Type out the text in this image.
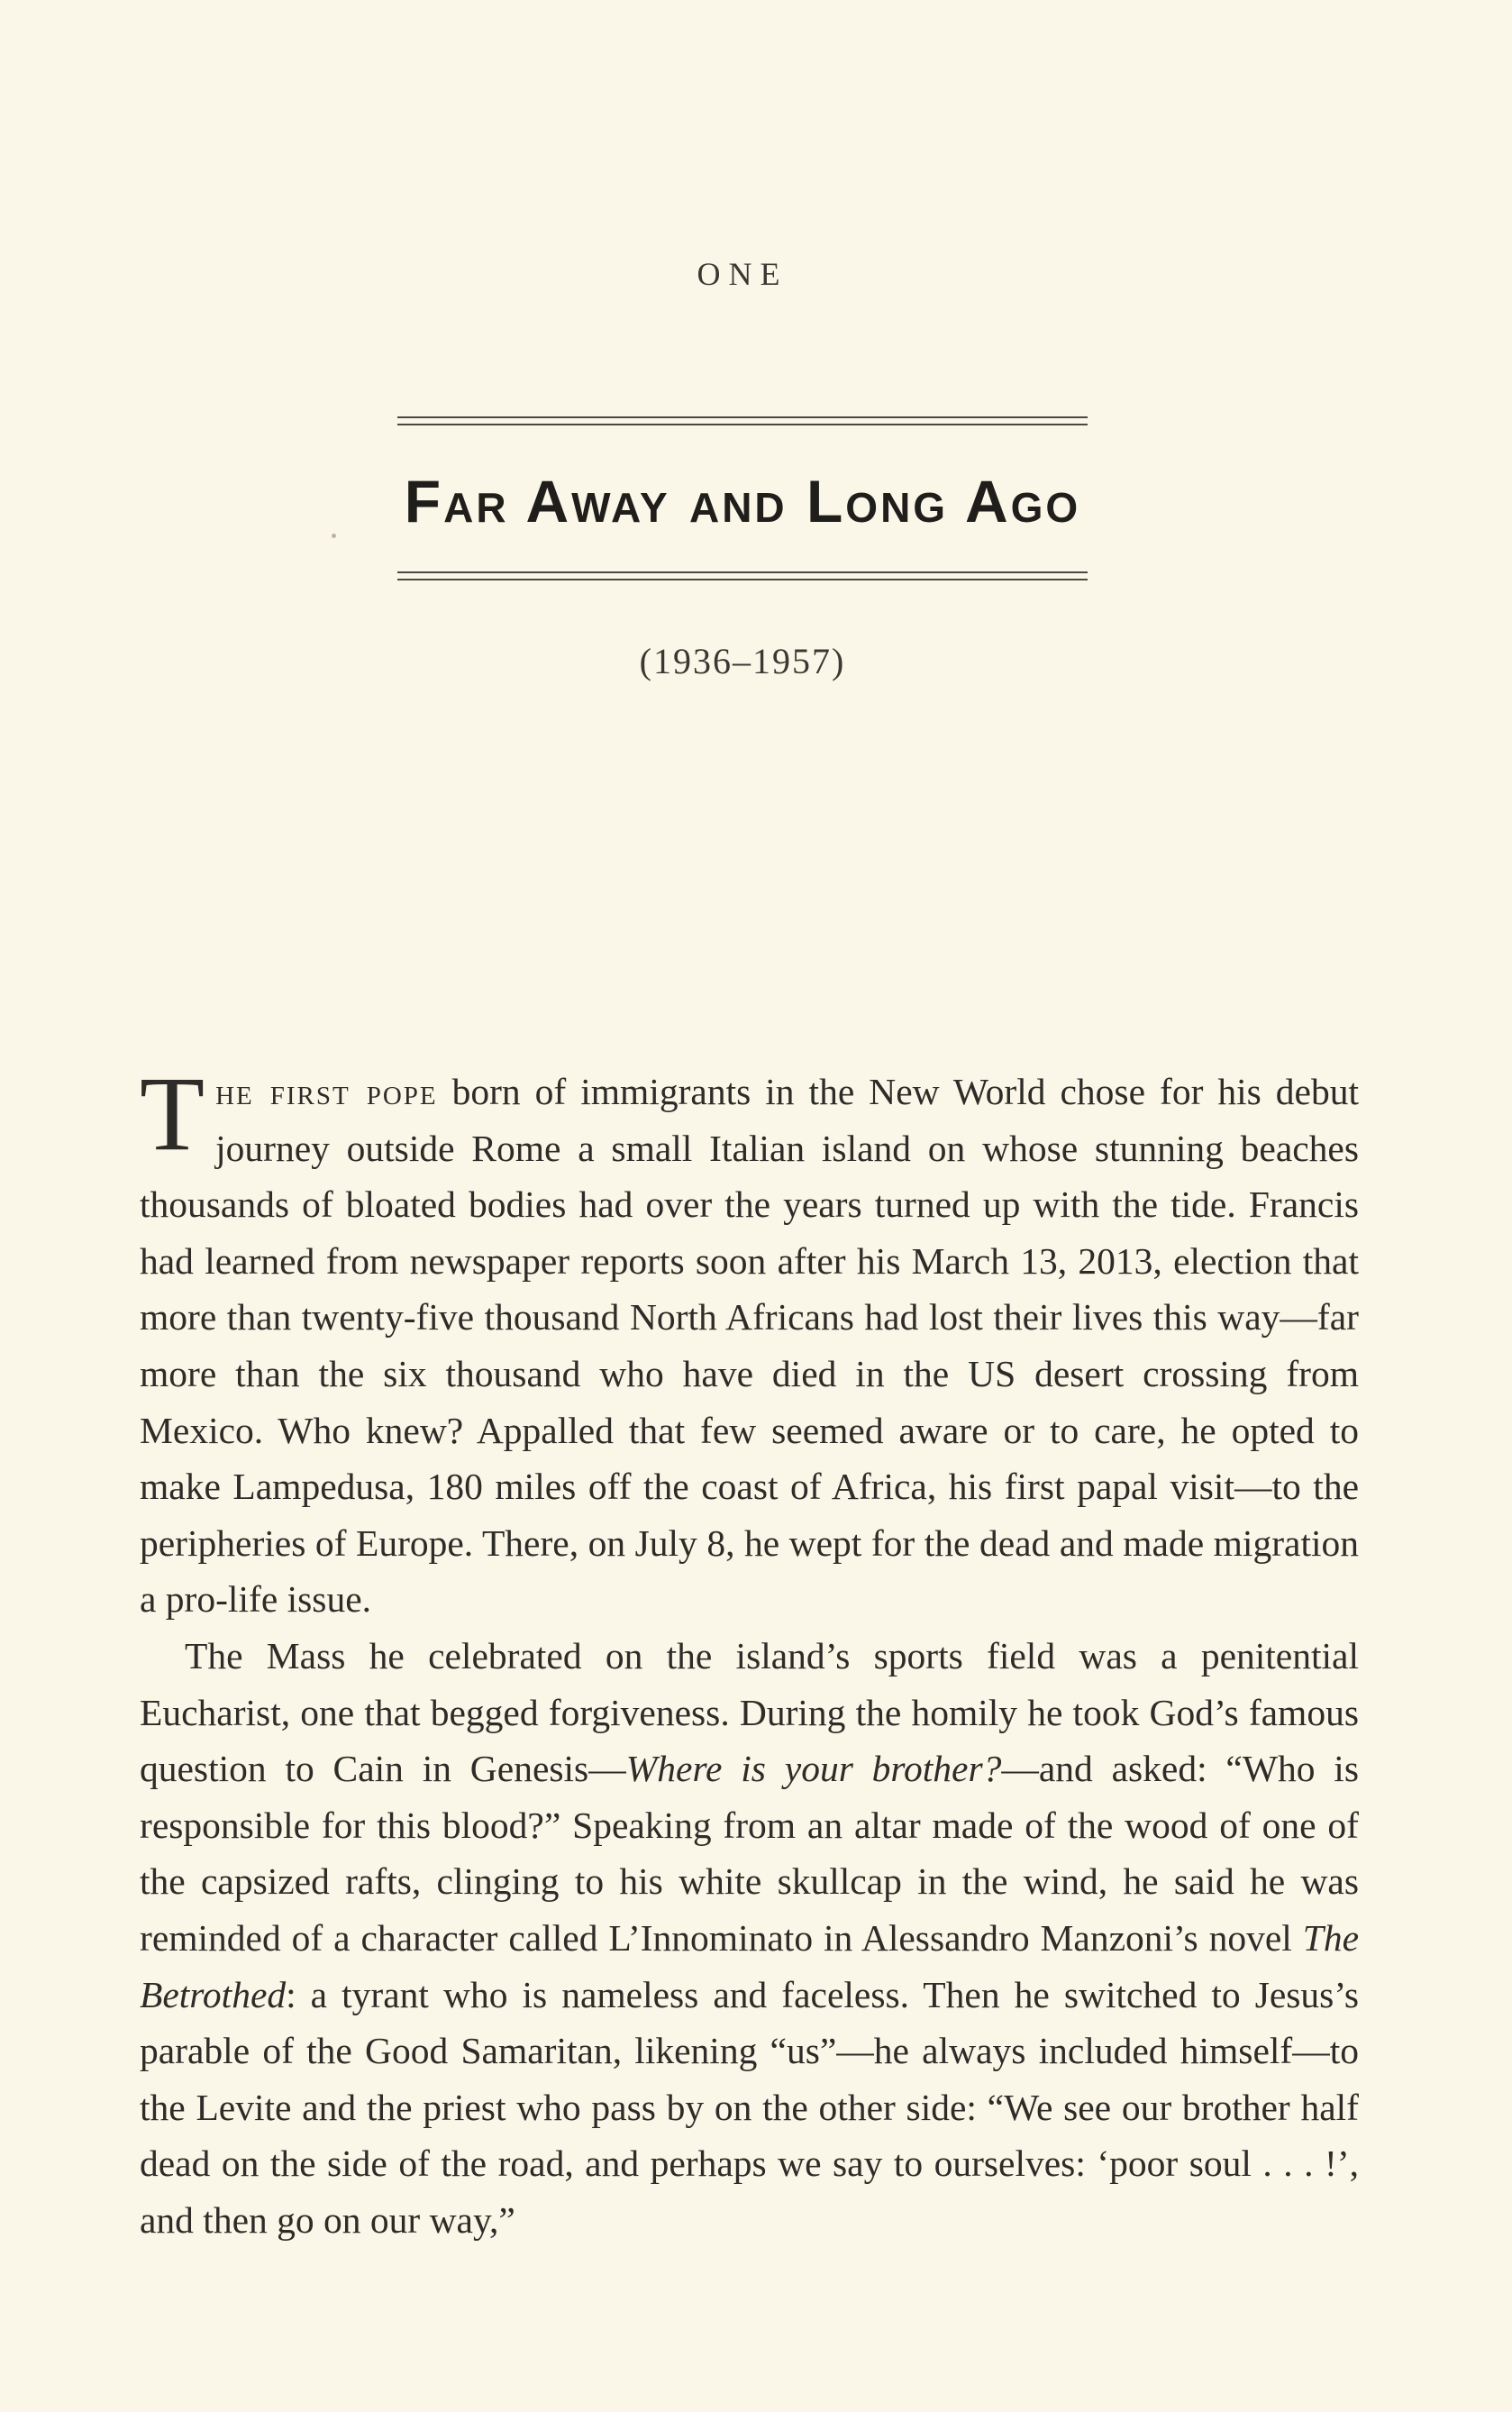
ONE
Far Away and Long Ago
(1936–1957)

The first pope born of immigrants in the New World chose for his debut journey outside Rome a small Italian island on whose stunning beaches thousands of bloated bodies had over the years turned up with the tide. Francis had learned from newspaper reports soon after his March 13, 2013, election that more than twenty-five thousand North Africans had lost their lives this way—far more than the six thousand who have died in the US desert crossing from Mexico. Who knew? Appalled that few seemed aware or to care, he opted to make Lampedusa, 180 miles off the coast of Africa, his first papal visit—to the peripheries of Europe. There, on July 8, he wept for the dead and made migration a pro-life issue.

The Mass he celebrated on the island’s sports field was a penitential Eucharist, one that begged forgiveness. During the homily he took God’s famous question to Cain in Genesis—Where is your brother?—and asked: “Who is responsible for this blood?” Speaking from an altar made of the wood of one of the capsized rafts, clinging to his white skullcap in the wind, he said he was reminded of a character called L’Innominato in Alessandro Manzoni’s novel The Betrothed: a tyrant who is nameless and faceless. Then he switched to Jesus’s parable of the Good Samaritan, likening “us”—he always included himself—to the Levite and the priest who pass by on the other side: “We see our brother half dead on the side of the road, and perhaps we say to ourselves: ‘poor soul . . . !’, and then go on our way,”
